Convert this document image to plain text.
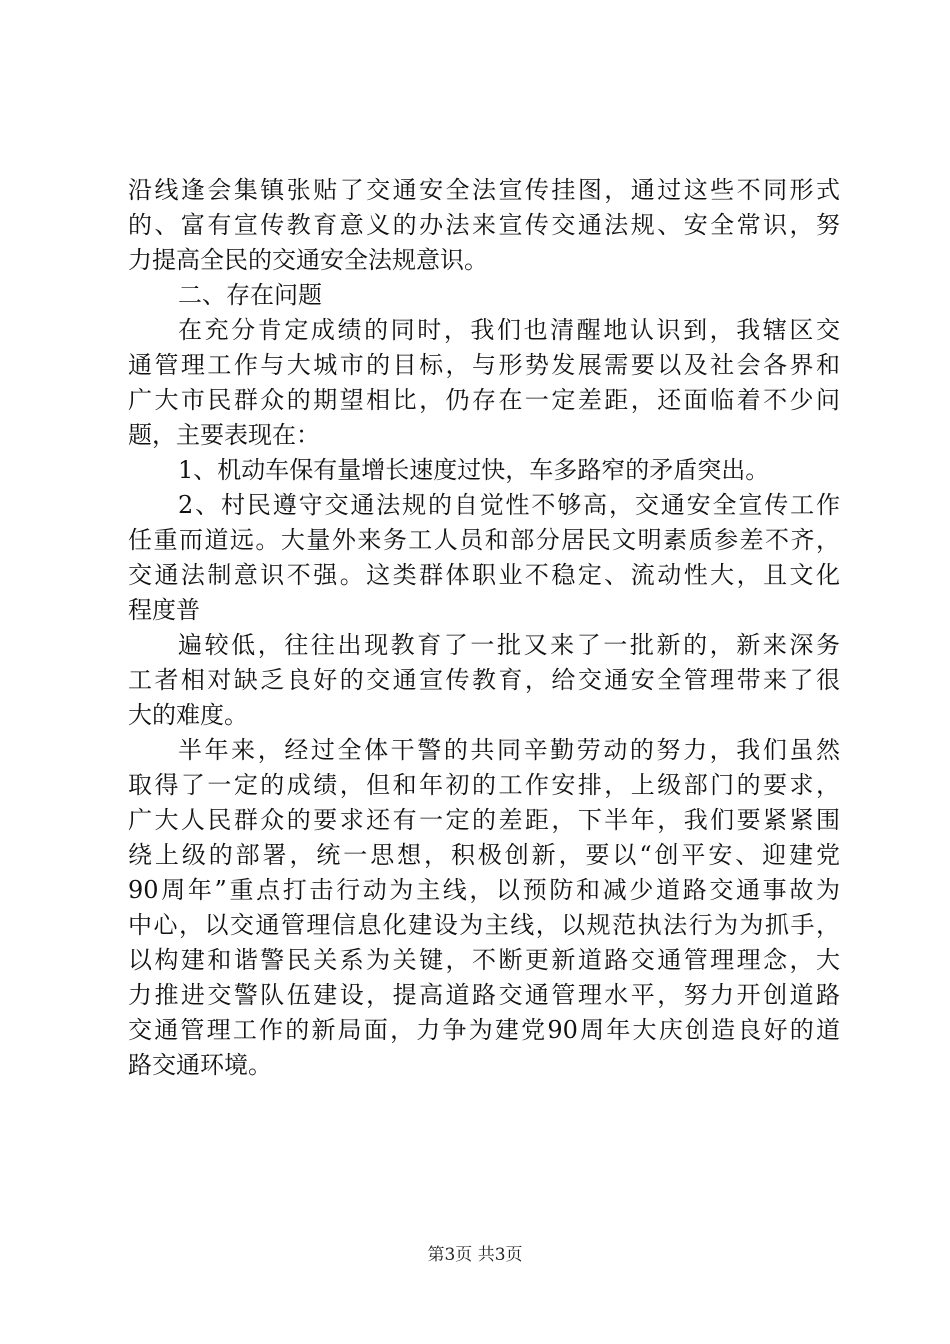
沿线逢会集镇张贴了交通安全法宣传挂图，通过这些不同形式
的、富有宣传教育意义的办法来宣传交通法规、安全常识，努
力提高全民的交通安全法规意识。
二、存在问题
在充分肯定成绩的同时，我们也清醒地认识到，我辖区交
通管理工作与大城市的目标，与形势发展需要以及社会各界和
广大市民群众的期望相比，仍存在一定差距，还面临着不少问
题，主要表现在：
1、机动车保有量增长速度过快，车多路窄的矛盾突出。
2、村民遵守交通法规的自觉性不够高，交通安全宣传工作
任重而道远。大量外来务工人员和部分居民文明素质参差不齐，
交通法制意识不强。这类群体职业不稳定、流动性大，且文化
程度普
遍较低，往往出现教育了一批又来了一批新的，新来深务
工者相对缺乏良好的交通宣传教育，给交通安全管理带来了很
大的难度。
半年来，经过全体干警的共同辛勤劳动的努力，我们虽然
取得了一定的成绩，但和年初的工作安排，上级部门的要求，
广大人民群众的要求还有一定的差距，下半年，我们要紧紧围
绕上级的部署，统一思想，积极创新，要以“创平安、迎建党
90周年”重点打击行动为主线，以预防和减少道路交通事故为
中心，以交通管理信息化建设为主线，以规范执法行为为抓手，
以构建和谐警民关系为关键，不断更新道路交通管理理念，大
力推进交警队伍建设，提高道路交通管理水平，努力开创道路
交通管理工作的新局面，力争为建党90周年大庆创造良好的道
路交通环境。
第3页 共3页
